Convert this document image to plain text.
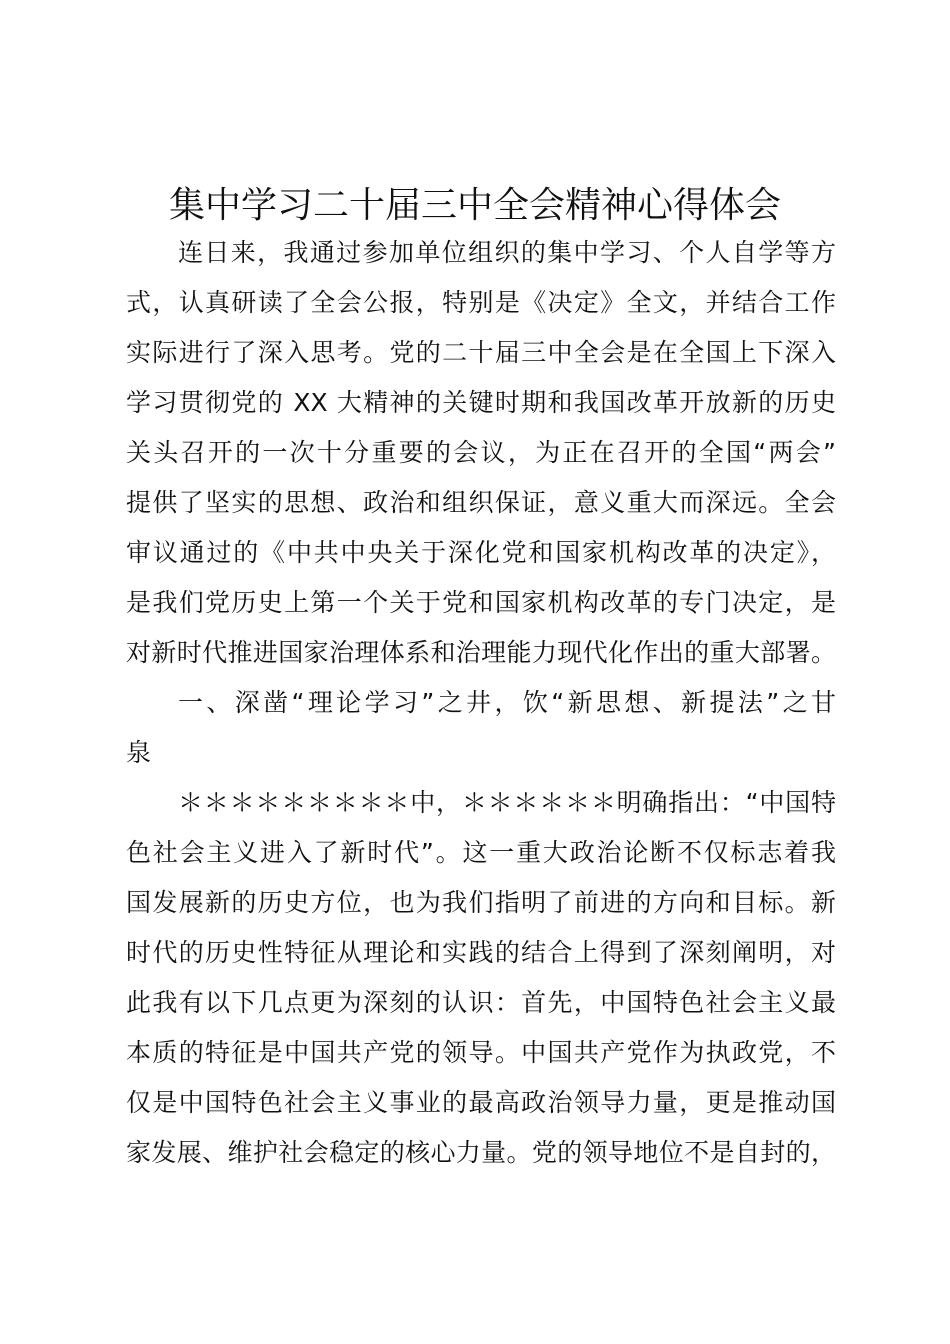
集中学习二十届三中全会精神心得体会
连日来，我通过参加单位组织的集中学习、个人自学等方
式，认真研读了全会公报，特别是《决定》全文，并结合工作
实际进行了深入思考。党的二十届三中全会是在全国上下深入
学习贯彻党的 XX 大精神的关键时期和我国改革开放新的历史
关头召开的一次十分重要的会议，为正在召开的全国“两会”
提供了坚实的思想、政治和组织保证，意义重大而深远。全会
审议通过的《中共中央关于深化党和国家机构改革的决定》，
是我们党历史上第一个关于党和国家机构改革的专门决定，是
对新时代推进国家治理体系和治理能力现代化作出的重大部署。
一、深凿“理论学习”之井，饮“新思想、新提法”之甘
泉
＊＊＊＊＊＊＊＊＊中，＊＊＊＊＊＊明确指出：“中国特
色社会主义进入了新时代”。这一重大政治论断不仅标志着我
国发展新的历史方位，也为我们指明了前进的方向和目标。新
时代的历史性特征从理论和实践的结合上得到了深刻阐明，对
此我有以下几点更为深刻的认识：首先，中国特色社会主义最
本质的特征是中国共产党的领导。中国共产党作为执政党，不
仅是中国特色社会主义事业的最高政治领导力量，更是推动国
家发展、维护社会稳定的核心力量。党的领导地位不是自封的，
